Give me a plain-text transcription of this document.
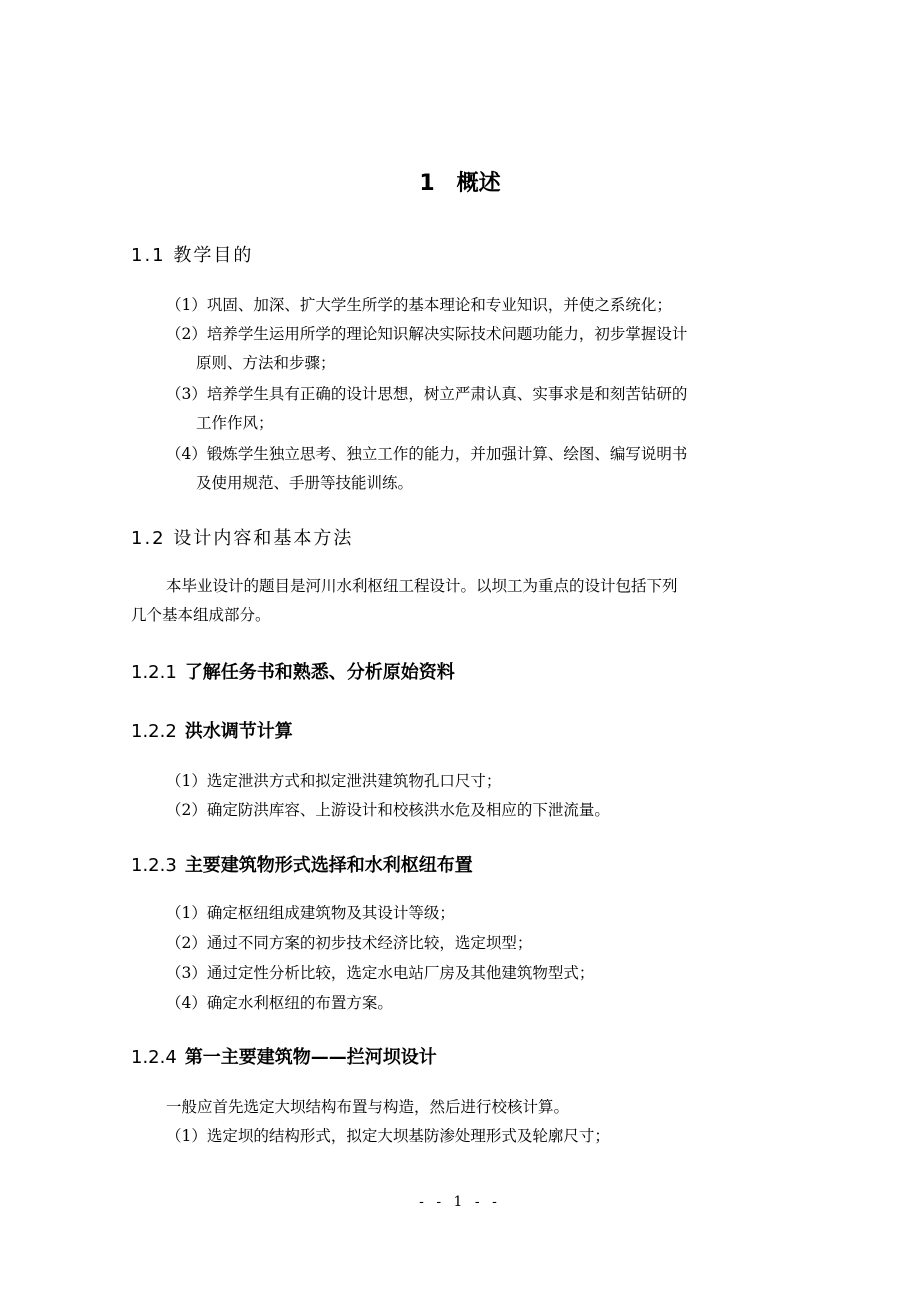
1 概述
1.1 教学目的
（1）巩固、加深、扩大学生所学的基本理论和专业知识，并使之系统化；
（2）培养学生运用所学的理论知识解决实际技术问题功能力，初步掌握设计
原则、方法和步骤；
（3）培养学生具有正确的设计思想，树立严肃认真、实事求是和刻苦钻研的
工作作风；
（4）锻炼学生独立思考、独立工作的能力，并加强计算、绘图、编写说明书
及使用规范、手册等技能训练。
1.2 设计内容和基本方法
本毕业设计的题目是河川水利枢纽工程设计。以坝工为重点的设计包括下列
几个基本组成部分。
1.2.1 了解任务书和熟悉、分析原始资料
1.2.2 洪水调节计算
（1）选定泄洪方式和拟定泄洪建筑物孔口尺寸；
（2）确定防洪库容、上游设计和校核洪水危及相应的下泄流量。
1.2.3 主要建筑物形式选择和水利枢纽布置
（1）确定枢纽组成建筑物及其设计等级；
（2）通过不同方案的初步技术经济比较，选定坝型；
（3）通过定性分析比较，选定水电站厂房及其他建筑物型式；
（4）确定水利枢纽的布置方案。
1.2.4 第一主要建筑物——拦河坝设计
一般应首先选定大坝结构布置与构造，然后进行校核计算。
（1）选定坝的结构形式，拟定大坝基防渗处理形式及轮廓尺寸；
- - 1 - -
